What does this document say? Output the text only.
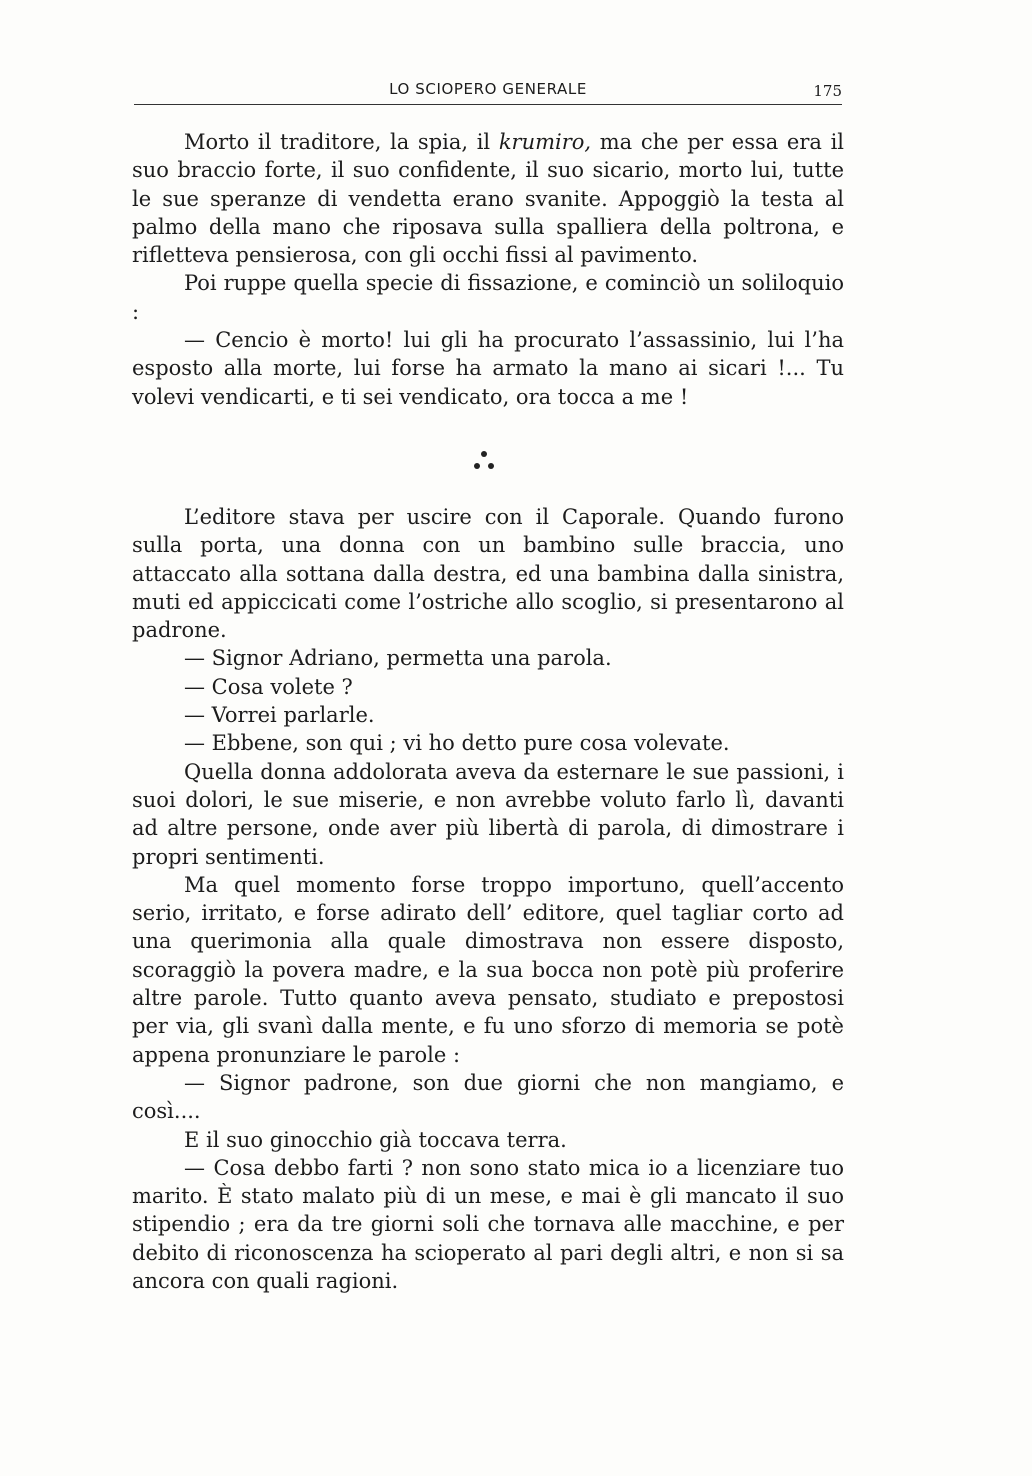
LO SCIOPERO GENERALE	175

Morto il traditore, la spia, il krumiro, ma che per essa era il suo braccio forte, il suo confidente, il suo sicario, morto lui, tutte le sue speranze di vendetta erano svanite. Appoggiò la testa al palmo della mano che riposava sulla spalliera della poltrona, e rifletteva pensierosa, con gli occhi fissi al pavimento.

Poi ruppe quella specie di fissazione, e cominciò un soliloquio :

— Cencio è morto! lui gli ha procurato l’assassinio, lui l’ha esposto alla morte, lui forse ha armato la mano ai sicari !... Tu volevi vendicarti, e ti sei vendicato, ora tocca a me !

L’editore stava per uscire con il Caporale. Quando furono sulla porta, una donna con un bambino sulle braccia, uno attaccato alla sottana dalla destra, ed una bambina dalla sinistra, muti ed appiccicati come l’ostriche allo scoglio, si presentarono al padrone.

— Signor Adriano, permetta una parola.

— Cosa volete ?

— Vorrei parlarle.

— Ebbene, son qui ; vi ho detto pure cosa volevate.

Quella donna addolorata aveva da esternare le sue passioni, i suoi dolori, le sue miserie, e non avrebbe voluto farlo lì, davanti ad altre persone, onde aver più libertà di parola, di dimostrare i propri sentimenti.

Ma quel momento forse troppo importuno, quell’accento serio, irritato, e forse adirato dell’ editore, quel tagliar corto ad una querimonia alla quale dimostrava non essere disposto, scoraggiò la povera madre, e la sua bocca non potè più proferire altre parole. Tutto quanto aveva pensato, studiato e prepostosi per via, gli svanì dalla mente, e fu uno sforzo di memoria se potè appena pronunziare le parole :

— Signor padrone, son due giorni che non mangiamo, e così....

E il suo ginocchio già toccava terra.

— Cosa debbo farti ? non sono stato mica io a licenziare tuo marito. È stato malato più di un mese, e mai è gli mancato il suo stipendio ; era da tre giorni soli che tornava alle macchine, e per debito di riconoscenza ha scioperato al pari degli altri, e non si sa ancora con quali ragioni.
